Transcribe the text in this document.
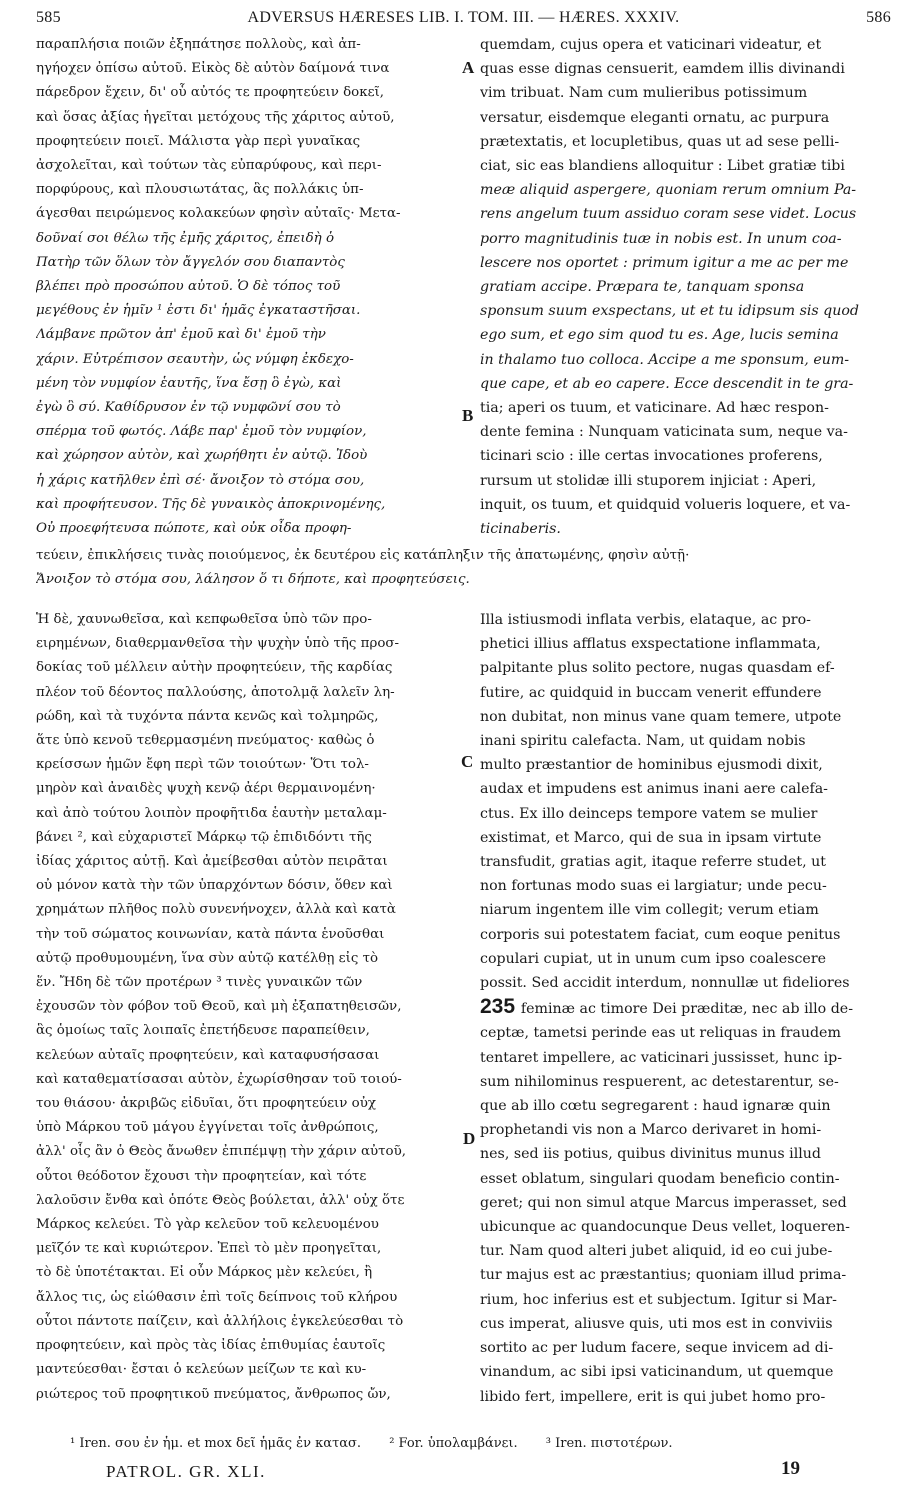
585	ADVERSUS HÆRESES LIB. I. TOM. III. — HÆRES. XXXIV.	586
παραπλήσια ποιῶν ἐξηπάτησε πολλοὺς, καὶ ἀπ-
ηγήοχεν ὀπίσω αὐτοῦ. Εἰκὸς δὲ αὐτὸν δαίμονά τινα
πάρεδρον ἔχειν, δι' οὗ αὐτός τε προφητεύειν δοκεῖ,
καὶ ὅσας ἀξίας ἡγεῖται μετόχους τῆς χάριτος αὐτοῦ,
προφητεύειν ποιεῖ. Μάλιστα γὰρ περὶ γυναῖκας
ἀσχολεῖται, καὶ τούτων τὰς εὐπαρύφους, καὶ περι-
πορφύρους, καὶ πλουσιωτάτας, ἃς πολλάκις ὑπ-
άγεσθαι πειρώμενος κολακεύων φησὶν αὐταῖς· Μετα-
δοῦναί σοι θέλω τῆς ἐμῆς χάριτος, ἐπειδὴ ὁ
Πατὴρ τῶν ὅλων τὸν ἄγγελόν σου διαπαντὸς
βλέπει πρὸ προσώπου αὐτοῦ. Ὁ δὲ τόπος τοῦ
μεγέθους ἐν ἡμῖν ¹ ἐστι δι' ἡμᾶς ἐγκαταστῆσαι.
Λάμβανε πρῶτον ἀπ' ἐμοῦ καὶ δι' ἐμοῦ τὴν
χάριν. Εὐτρέπισον σεαυτὴν, ὡς νύμφη ἐκδεχο-
μένη τὸν νυμφίον ἑαυτῆς, ἵνα ἔσῃ ὃ ἐγὼ, καὶ
ἐγὼ ὃ σύ. Καθίδρυσον ἐν τῷ νυμφῶνί σου τὸ
σπέρμα τοῦ φωτός. Λάβε παρ' ἐμοῦ τὸν νυμφίον,
καὶ χώρησον αὐτὸν, καὶ χωρήθητι ἐν αὐτῷ. Ἰδοὺ
ἡ χάρις κατῆλθεν ἐπὶ σέ· ἄνοιξον τὸ στόμα σου,
καὶ προφήτευσον. Τῆς δὲ γυναικὸς ἀποκρινομένης,
Οὐ προεφήτευσα πώποτε, καὶ οὐκ οἶδα προφη-
quemdam, cujus opera et vaticinari videatur, et
quas esse dignas censuerit, eamdem illis divinandi
vim tribuat. Nam cum mulieribus potissimum
versatur, eisdemque eleganti ornatu, ac purpura
prætextatis, et locupletibus, quas ut ad sese pelli-
ciat, sic eas blandiens alloquitur : Libet gratiæ tibi
meæ aliquid aspergere, quoniam rerum omnium Pa-
rens angelum tuum assiduo coram sese videt. Locus
porro magnitudinis tuæ in nobis est. In unum coa-
lescere nos oportet : primum igitur a me ac per me
gratiam accipe. Præpara te, tanquam sponsa
sponsum suum exspectans, ut et tu idipsum sis quod
ego sum, et ego sim quod tu es. Age, lucis semina
in thalamo tuo colloca. Accipe a me sponsum, eum-
que cape, et ab eo capere. Ecce descendit in te gra-
tia; aperi os tuum, et vaticinare. Ad hæc respon-
dente femina : Nunquam vaticinata sum, neque va-
ticinari scio : ille certas invocationes proferens,
rursum ut stolidæ illi stuporem injiciat : Aperi,
inquit, os tuum, et quidquid volueris loquere, et va-
ticinaberis.
A
B
C
D
τεύειν, ἐπικλήσεις τινὰς ποιούμενος, ἐκ δευτέρου εἰς κατάπληξιν τῆς ἀπατωμένης, φησὶν αὐτῇ·
Ἄνοιξον τὸ στόμα σου, λάλησον ὅ τι δήποτε, καὶ προφητεύσεις.
Ἡ δὲ, χαυνωθεῖσα, καὶ κεπφωθεῖσα ὑπὸ τῶν προ-
ειρημένων, διαθερμανθεῖσα τὴν ψυχὴν ὑπὸ τῆς προσ-
δοκίας τοῦ μέλλειν αὐτὴν προφητεύειν, τῆς καρδίας
πλέον τοῦ δέοντος παλλούσης, ἀποτολμᾷ λαλεῖν λη-
ρώδη, καὶ τὰ τυχόντα πάντα κενῶς καὶ τολμηρῶς,
ἅτε ὑπὸ κενοῦ τεθερμασμένη πνεύματος· καθὼς ὁ
κρείσσων ἡμῶν ἔφη περὶ τῶν τοιούτων· Ὅτι τολ-
μηρὸν καὶ ἀναιδὲς ψυχὴ κενῷ ἀέρι θερμαινομένη·
καὶ ἀπὸ τούτου λοιπὸν προφῆτιδα ἑαυτὴν μεταλαμ-
βάνει ², καὶ εὐχαριστεῖ Μάρκῳ τῷ ἐπιδιδόντι τῆς
ἰδίας χάριτος αὐτῇ. Καὶ ἀμείβεσθαι αὐτὸν πειρᾶται
οὐ μόνον κατὰ τὴν τῶν ὑπαρχόντων δόσιν, ὅθεν καὶ
χρημάτων πλῆθος πολὺ συνενήνοχεν, ἀλλὰ καὶ κατὰ
τὴν τοῦ σώματος κοινωνίαν, κατὰ πάντα ἑνοῦσθαι
αὐτῷ προθυμουμένη, ἵνα σὺν αὐτῷ κατέλθῃ εἰς τὸ
ἕν. Ἤδη δὲ τῶν προτέρων ³ τινὲς γυναικῶν τῶν
ἐχουσῶν τὸν φόβον τοῦ Θεοῦ, καὶ μὴ ἐξαπατηθεισῶν,
ἃς ὁμοίως ταῖς λοιπαῖς ἐπετήδευσε παραπείθειν,
κελεύων αὐταῖς προφητεύειν, καὶ καταφυσήσασαι
καὶ καταθεματίσασαι αὐτὸν, ἐχωρίσθησαν τοῦ τοιού-
του θιάσου· ἀκριβῶς εἰδυῖαι, ὅτι προφητεύειν οὐχ
ὑπὸ Μάρκου τοῦ μάγου ἐγγίνεται τοῖς ἀνθρώποις,
ἀλλ' οἷς ἂν ὁ Θεὸς ἄνωθεν ἐπιπέμψῃ τὴν χάριν αὐτοῦ,
οὗτοι θεόδοτον ἔχουσι τὴν προφητείαν, καὶ τότε
λαλοῦσιν ἔνθα καὶ ὁπότε Θεὸς βούλεται, ἀλλ' οὐχ ὅτε
Μάρκος κελεύει. Τὸ γὰρ κελεῦον τοῦ κελευομένου
μεῖζόν τε καὶ κυριώτερον. Ἐπεὶ τὸ μὲν προηγεῖται,
τὸ δὲ ὑποτέτακται. Εἰ οὖν Μάρκος μὲν κελεύει, ἢ
ἄλλος τις, ὡς εἰώθασιν ἐπὶ τοῖς δείπνοις τοῦ κλήρου
οὗτοι πάντοτε παίζειν, καὶ ἀλλήλοις ἐγκελεύεσθαι τὸ
προφητεύειν, καὶ πρὸς τὰς ἰδίας ἐπιθυμίας ἑαυτοῖς
μαντεύεσθαι· ἔσται ὁ κελεύων μείζων τε καὶ κυ-
ριώτερος τοῦ προφητικοῦ πνεύματος, ἄνθρωπος ὤν,
Illa istiusmodi inflata verbis, elataque, ac pro-
phetici illius afflatus exspectatione inflammata,
palpitante plus solito pectore, nugas quasdam ef-
futire, ac quidquid in buccam venerit effundere
non dubitat, non minus vane quam temere, utpote
inani spiritu calefacta. Nam, ut quidam nobis
multo præstantior de hominibus ejusmodi dixit,
audax et impudens est animus inani aere calefa-
ctus. Ex illo deinceps tempore vatem se mulier
existimat, et Marco, qui de sua in ipsam virtute
transfudit, gratias agit, itaque referre studet, ut
non fortunas modo suas ei largiatur; unde pecu-
niarum ingentem ille vim collegit; verum etiam
corporis sui potestatem faciat, cum eoque penitus
copulari cupiat, ut in unum cum ipso coalescere
possit. Sed accidit interdum, nonnullæ ut fideliores
235 feminæ ac timore Dei præditæ, nec ab illo de-
ceptæ, tametsi perinde eas ut reliquas in fraudem
tentaret impellere, ac vaticinari jussisset, hunc ip-
sum nihilominus respuerent, ac detestarentur, se-
que ab illo cœtu segregarent : haud ignaræ quin
prophetandi vis non a Marco derivaret in homi-
nes, sed iis potius, quibus divinitus munus illud
esset oblatum, singulari quodam beneficio contin-
geret; qui non simul atque Marcus imperasset, sed
ubicunque ac quandocunque Deus vellet, loqueren-
tur. Nam quod alteri jubet aliquid, id eo cui jube-
tur majus est ac præstantius; quoniam illud prima-
rium, hoc inferius est et subjectum. Igitur si Mar-
cus imperat, aliusve quis, uti mos est in conviviis
sortito ac per ludum facere, seque invicem ad di-
vinandum, ac sibi ipsi vaticinandum, ut quemque
libido fert, impellere, erit is qui jubet homo pro-
¹ Iren. σου ἐν ἡμ. et mox δεῖ ἡμᾶς ἐν κατασ. ² For. ὑπολαμβάνει. ³ Iren. πιστοτέρων.
PATROL. GR. XLI.	19
